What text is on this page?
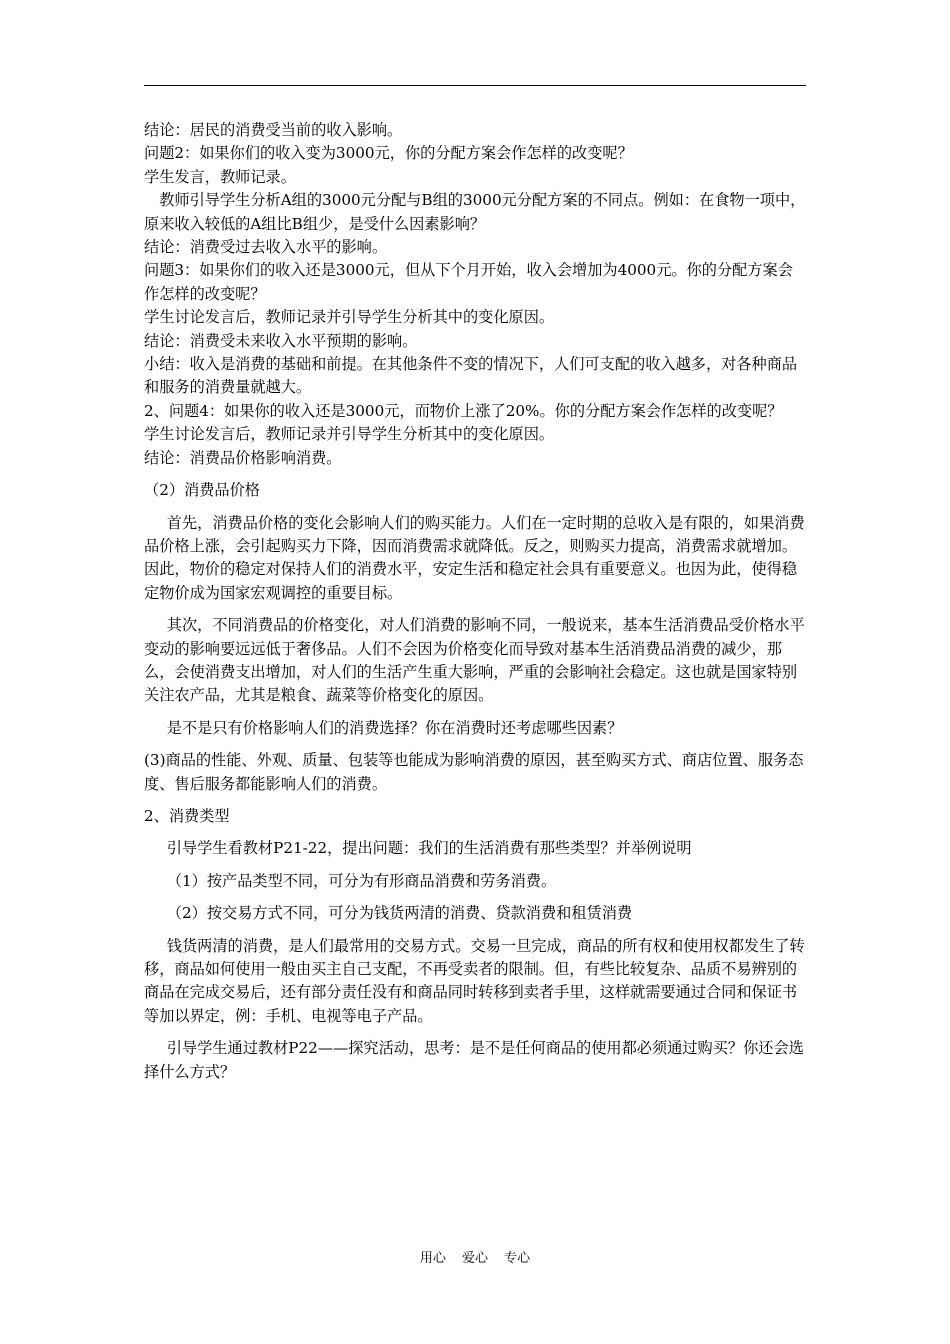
结论：居民的消费受当前的收入影响。

问题2：如果你们的收入变为3000元，你的分配方案会作怎样的改变呢？

学生发言，教师记录。

教师引导学生分析A组的3000元分配与B组的3000元分配方案的不同点。例如：在食物一项中，原来收入较低的A组比B组少，是受什么因素影响？

结论：消费受过去收入水平的影响。

问题3：如果你们的收入还是3000元，但从下个月开始，收入会增加为4000元。你的分配方案会作怎样的改变呢？

学生讨论发言后，教师记录并引导学生分析其中的变化原因。

结论：消费受未来收入水平预期的影响。

小结：收入是消费的基础和前提。在其他条件不变的情况下，人们可支配的收入越多，对各种商品和服务的消费量就越大。

2、问题4：如果你的收入还是3000元，而物价上涨了20%。你的分配方案会作怎样的改变呢？

学生讨论发言后，教师记录并引导学生分析其中的变化原因。

结论：消费品价格影响消费。

（2）消费品价格

首先，消费品价格的变化会影响人们的购买能力。人们在一定时期的总收入是有限的，如果消费品价格上涨，会引起购买力下降，因而消费需求就降低。反之，则购买力提高，消费需求就增加。因此，物价的稳定对保持人们的消费水平，安定生活和稳定社会具有重要意义。也因为此，使得稳定物价成为国家宏观调控的重要目标。

其次，不同消费品的价格变化，对人们消费的影响不同，一般说来，基本生活消费品受价格水平变动的影响要远远低于奢侈品。人们不会因为价格变化而导致对基本生活消费品消费的减少，那么，会使消费支出增加，对人们的生活产生重大影响，严重的会影响社会稳定。这也就是国家特别关注农产品，尤其是粮食、蔬菜等价格变化的原因。

是不是只有价格影响人们的消费选择？你在消费时还考虑哪些因素？

(3)商品的性能、外观、质量、包装等也能成为影响消费的原因，甚至购买方式、商店位置、服务态度、售后服务都能影响人们的消费。

2、消费类型

引导学生看教材P21-22，提出问题：我们的生活消费有那些类型？并举例说明

（1）按产品类型不同，可分为有形商品消费和劳务消费。

（2）按交易方式不同，可分为钱货两清的消费、贷款消费和租赁消费

钱货两清的消费，是人们最常用的交易方式。交易一旦完成，商品的所有权和使用权都发生了转移，商品如何使用一般由买主自己支配，不再受卖者的限制。但，有些比较复杂、品质不易辨别的商品在完成交易后，还有部分责任没有和商品同时转移到卖者手里，这样就需要通过合同和保证书等加以界定，例：手机、电视等电子产品。

引导学生通过教材P22——探究活动，思考：是不是任何商品的使用都必须通过购买？你还会选择什么方式？

用心 爱心 专心
